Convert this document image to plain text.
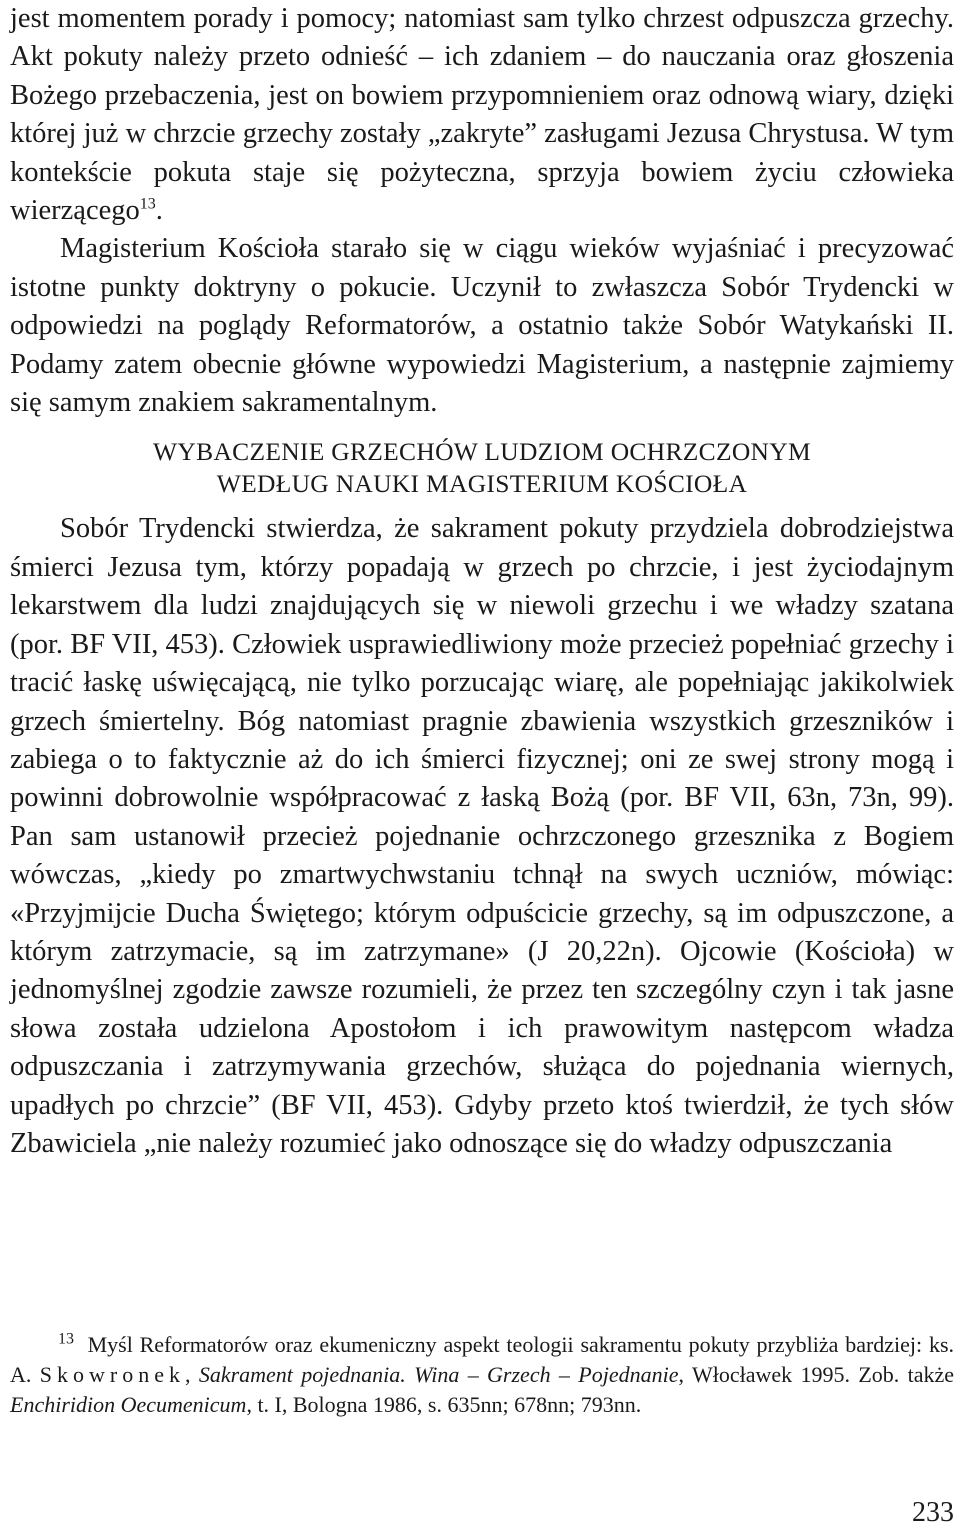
jest momentem porady i pomocy; natomiast sam tylko chrzest odpuszcza grzechy. Akt pokuty należy przeto odnieść – ich zdaniem – do nauczania oraz głoszenia Bożego przebaczenia, jest on bowiem przypomnieniem oraz odnową wiary, dzięki której już w chrzcie grzechy zostały „zakryte” zasługami Jezusa Chrystusa. W tym kontekście pokuta staje się pożyteczna, sprzyja bowiem życiu człowieka wierzącego$^{13}$.

Magisterium Kościoła starało się w ciągu wieków wyjaśniać i precyzować istotne punkty doktryny o pokucie. Uczynił to zwłaszcza Sobór Trydencki w odpowiedzi na poglądy Reformatorów, a ostatnio także Sobór Watykański II. Podamy zatem obecnie główne wypowiedzi Magisterium, a następnie zajmiemy się samym znakiem sakramentalnym.

WYBACZENIE GRZECHÓW LUDZIOM OCHRZCZONYM
WEDŁUG NAUKI MAGISTERIUM KOŚCIOŁA

Sobór Trydencki stwierdza, że sakrament pokuty przydziela dobrodziejstwa śmierci Jezusa tym, którzy popadają w grzech po chrzcie, i jest życiodajnym lekarstwem dla ludzi znajdujących się w niewoli grzechu i we władzy szatana (por. BF VII, 453). Człowiek usprawiedliwiony może przecież popełniać grzechy i tracić łaskę uświęcającą, nie tylko porzucając wiarę, ale popełniając jakikolwiek grzech śmiertelny. Bóg natomiast pragnie zbawienia wszystkich grzeszników i zabiega o to faktycznie aż do ich śmierci fizycznej; oni ze swej strony mogą i powinni dobrowolnie współpracować z łaską Bożą (por. BF VII, 63n, 73n, 99). Pan sam ustanowił przecież pojednanie ochrzczonego grzesznika z Bogiem wówczas, „kiedy po zmartwychwstaniu tchnął na swych uczniów, mówiąc: «Przyjmijcie Ducha Świętego; którym odpuścicie grzechy, są im odpuszczone, a którym zatrzymacie, są im zatrzymane» (J 20,22n). Ojcowie (Kościoła) w jednomyślnej zgodzie zawsze rozumieli, że przez ten szczególny czyn i tak jasne słowa została udzielona Apostołom i ich prawowitym następcom władza odpuszczania i zatrzymywania grzechów, służąca do pojednania wiernych, upadłych po chrzcie” (BF VII, 453). Gdyby przeto ktoś twierdził, że tych słów Zbawiciela „nie należy rozumieć jako odnoszące się do władzy odpuszczania

$^{13}$ Myśl Reformatorów oraz ekumeniczny aspekt teologii sakramentu pokuty przybliża bardziej: ks. A. Skowronek, Sakrament pojednania. Wina – Grzech – Pojednanie, Włocławek 1995. Zob. także Enchiridion Oecumenicum, t. I, Bologna 1986, s. 635nn; 678nn; 793nn.
233
